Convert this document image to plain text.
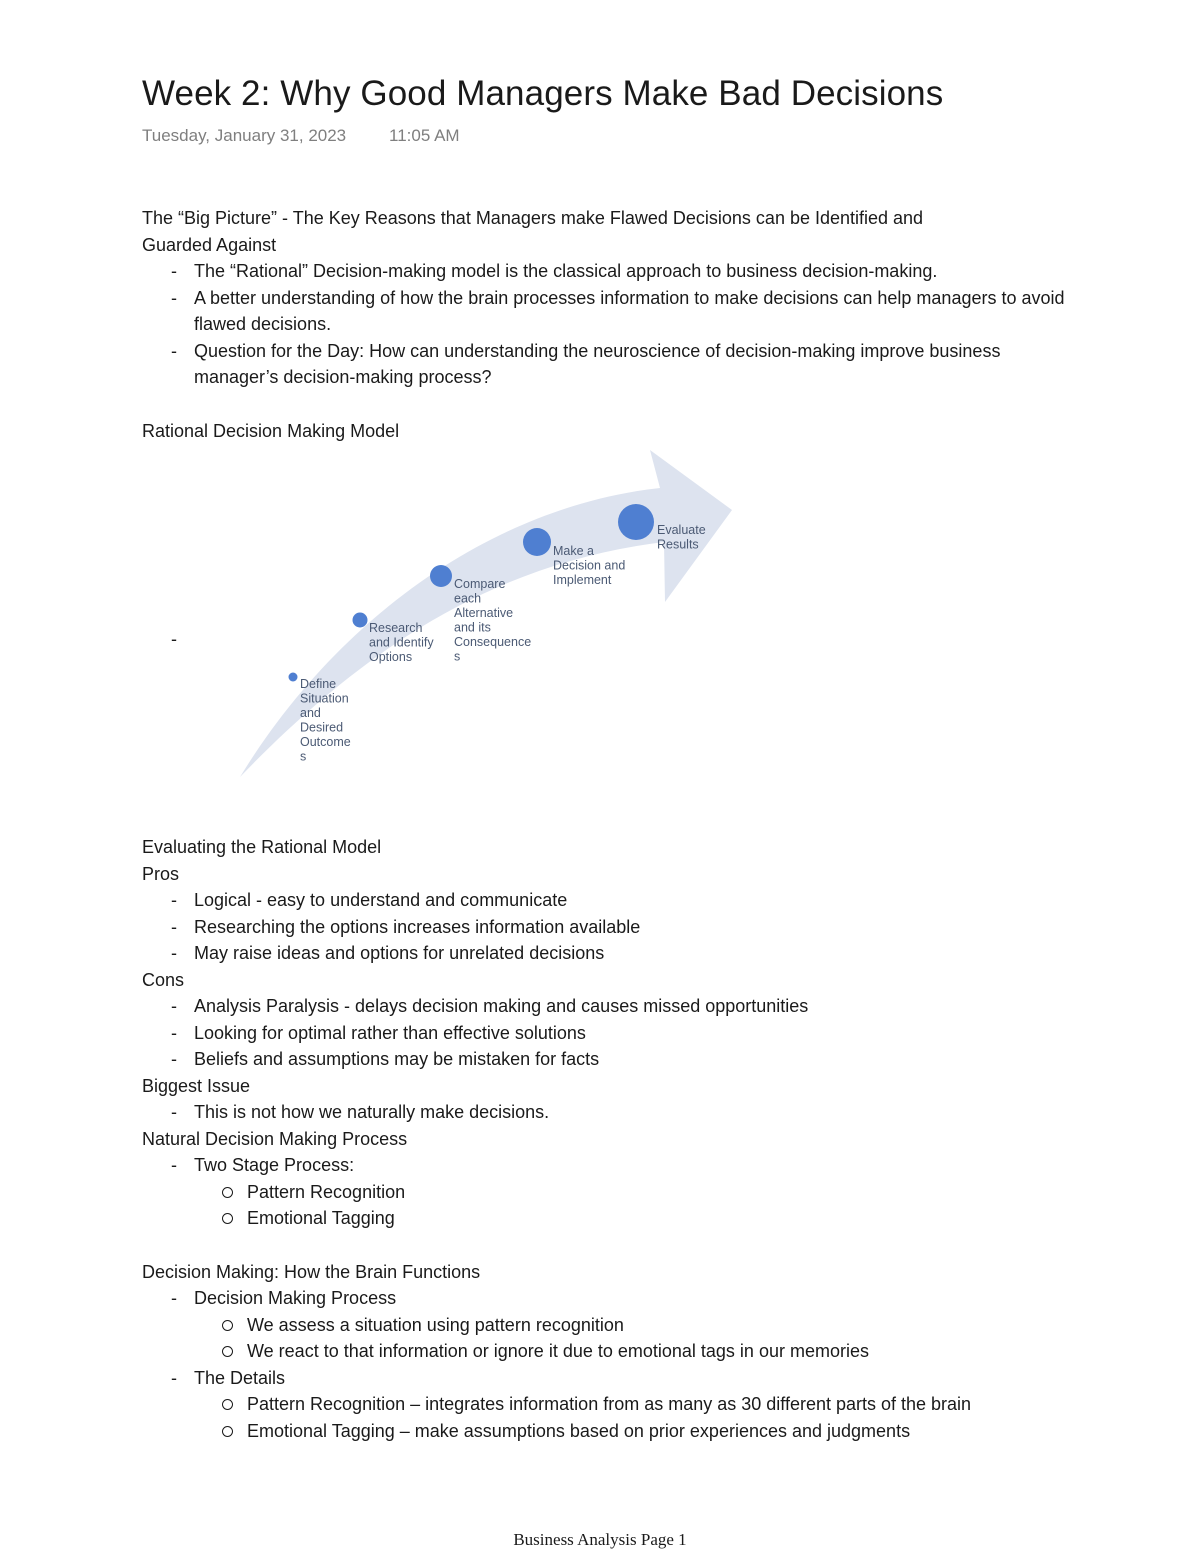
Week 2: Why Good Managers Make Bad Decisions
Tuesday, January 31, 2023	11:05 AM

The “Big Picture” - The Key Reasons that Managers make Flawed Decisions can be Identified and

Guarded Against

- The “Rational” Decision-making model is the classical approach to business decision-making.
- A better understanding of how the brain processes information to make decisions can help managers to avoid flawed decisions.
- Question for the Day: How can understanding the neuroscience of decision-making improve business manager’s decision-making process?

Rational Decision Making Model

-
Define Situation and Desired Outcome s
Research and Identify Options
Compare each Alternative and its Consequence s
Make a Decision and Implement
Evaluate Results

Evaluating the Rational Model

Pros

- Logical - easy to understand and communicate
- Researching the options increases information available
- May raise ideas and options for unrelated decisions

Cons

- Analysis Paralysis - delays decision making and causes missed opportunities
- Looking for optimal rather than effective solutions
- Beliefs and assumptions may be mistaken for facts

Biggest Issue

- This is not how we naturally make decisions.

Natural Decision Making Process

- Two Stage Process:
Pattern Recognition
Emotional Tagging

Decision Making: How the Brain Functions

- Decision Making Process
We assess a situation using pattern recognition
We react to that information or ignore it due to emotional tags in our memories
- The Details
Pattern Recognition – integrates information from as many as 30 different parts of the brain
Emotional Tagging – make assumptions based on prior experiences and judgments
Business Analysis Page 1
